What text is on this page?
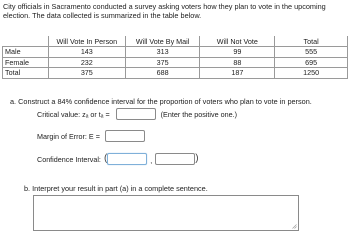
City officials in Sacramento conducted a survey asking voters how they plan to vote in the upcoming election. The data collected is summarized in the table below.
	Will Vote In Person	Will Vote By Mail	Will Not Vote	Total
Male	143	313	99	555
Female	232	375	88	695
Total	375	688	187	1250
a. Construct a 84% confidence interval for the proportion of voters who plan to vote in person.
Critical value: zₐ or tₐ =	(Enter the positive one.)
Margin of Error: E =
Confidence Interval: (	,	)
b. Interpret your result in part (a) in a complete sentence.
